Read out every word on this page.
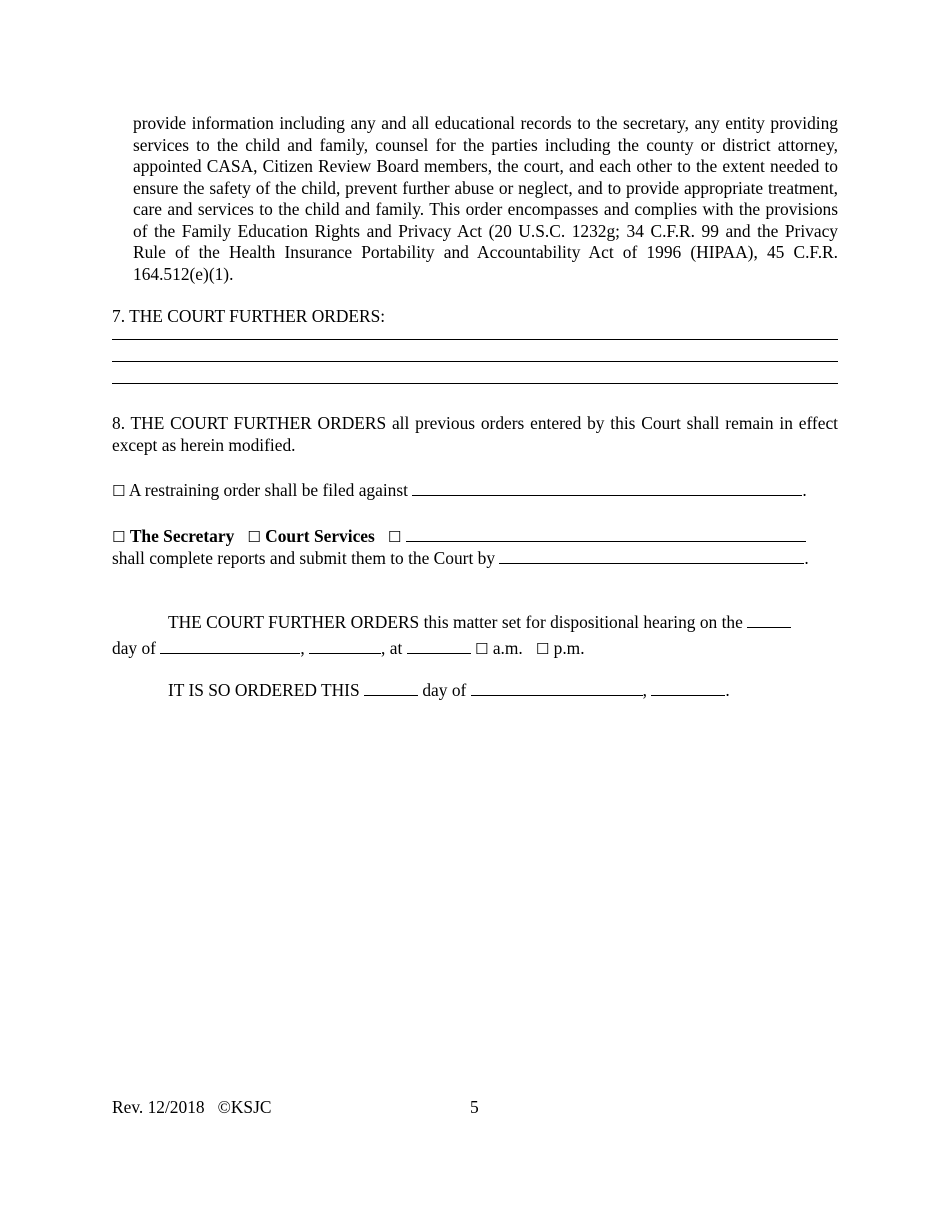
provide information including any and all educational records to the secretary, any entity providing services to the child and family, counsel for the parties including the county or district attorney, appointed CASA, Citizen Review Board members, the court, and each other to the extent needed to ensure the safety of the child, prevent further abuse or neglect, and to provide appropriate treatment, care and services to the child and family. This order encompasses and complies with the provisions of the Family Education Rights and Privacy Act (20 U.S.C. 1232g; 34 C.F.R. 99 and the Privacy Rule of the Health Insurance Portability and Accountability Act of 1996 (HIPAA), 45 C.F.R. 164.512(e)(1).
7. THE COURT FURTHER ORDERS:
8. THE COURT FURTHER ORDERS all previous orders entered by this Court shall remain in effect except as herein modified.
☐ A restraining order shall be filed against	.
☐ The Secretary ☐ Court Services ☐
shall complete reports and submit them to the Court by	.
THE COURT FURTHER ORDERS this matter set for dispositional hearing on the
day of	,	, at	☐ a.m. ☐ p.m.
IT IS SO ORDERED THIS	day of	,	.
Rev. 12/2018 ©KSJC	5
